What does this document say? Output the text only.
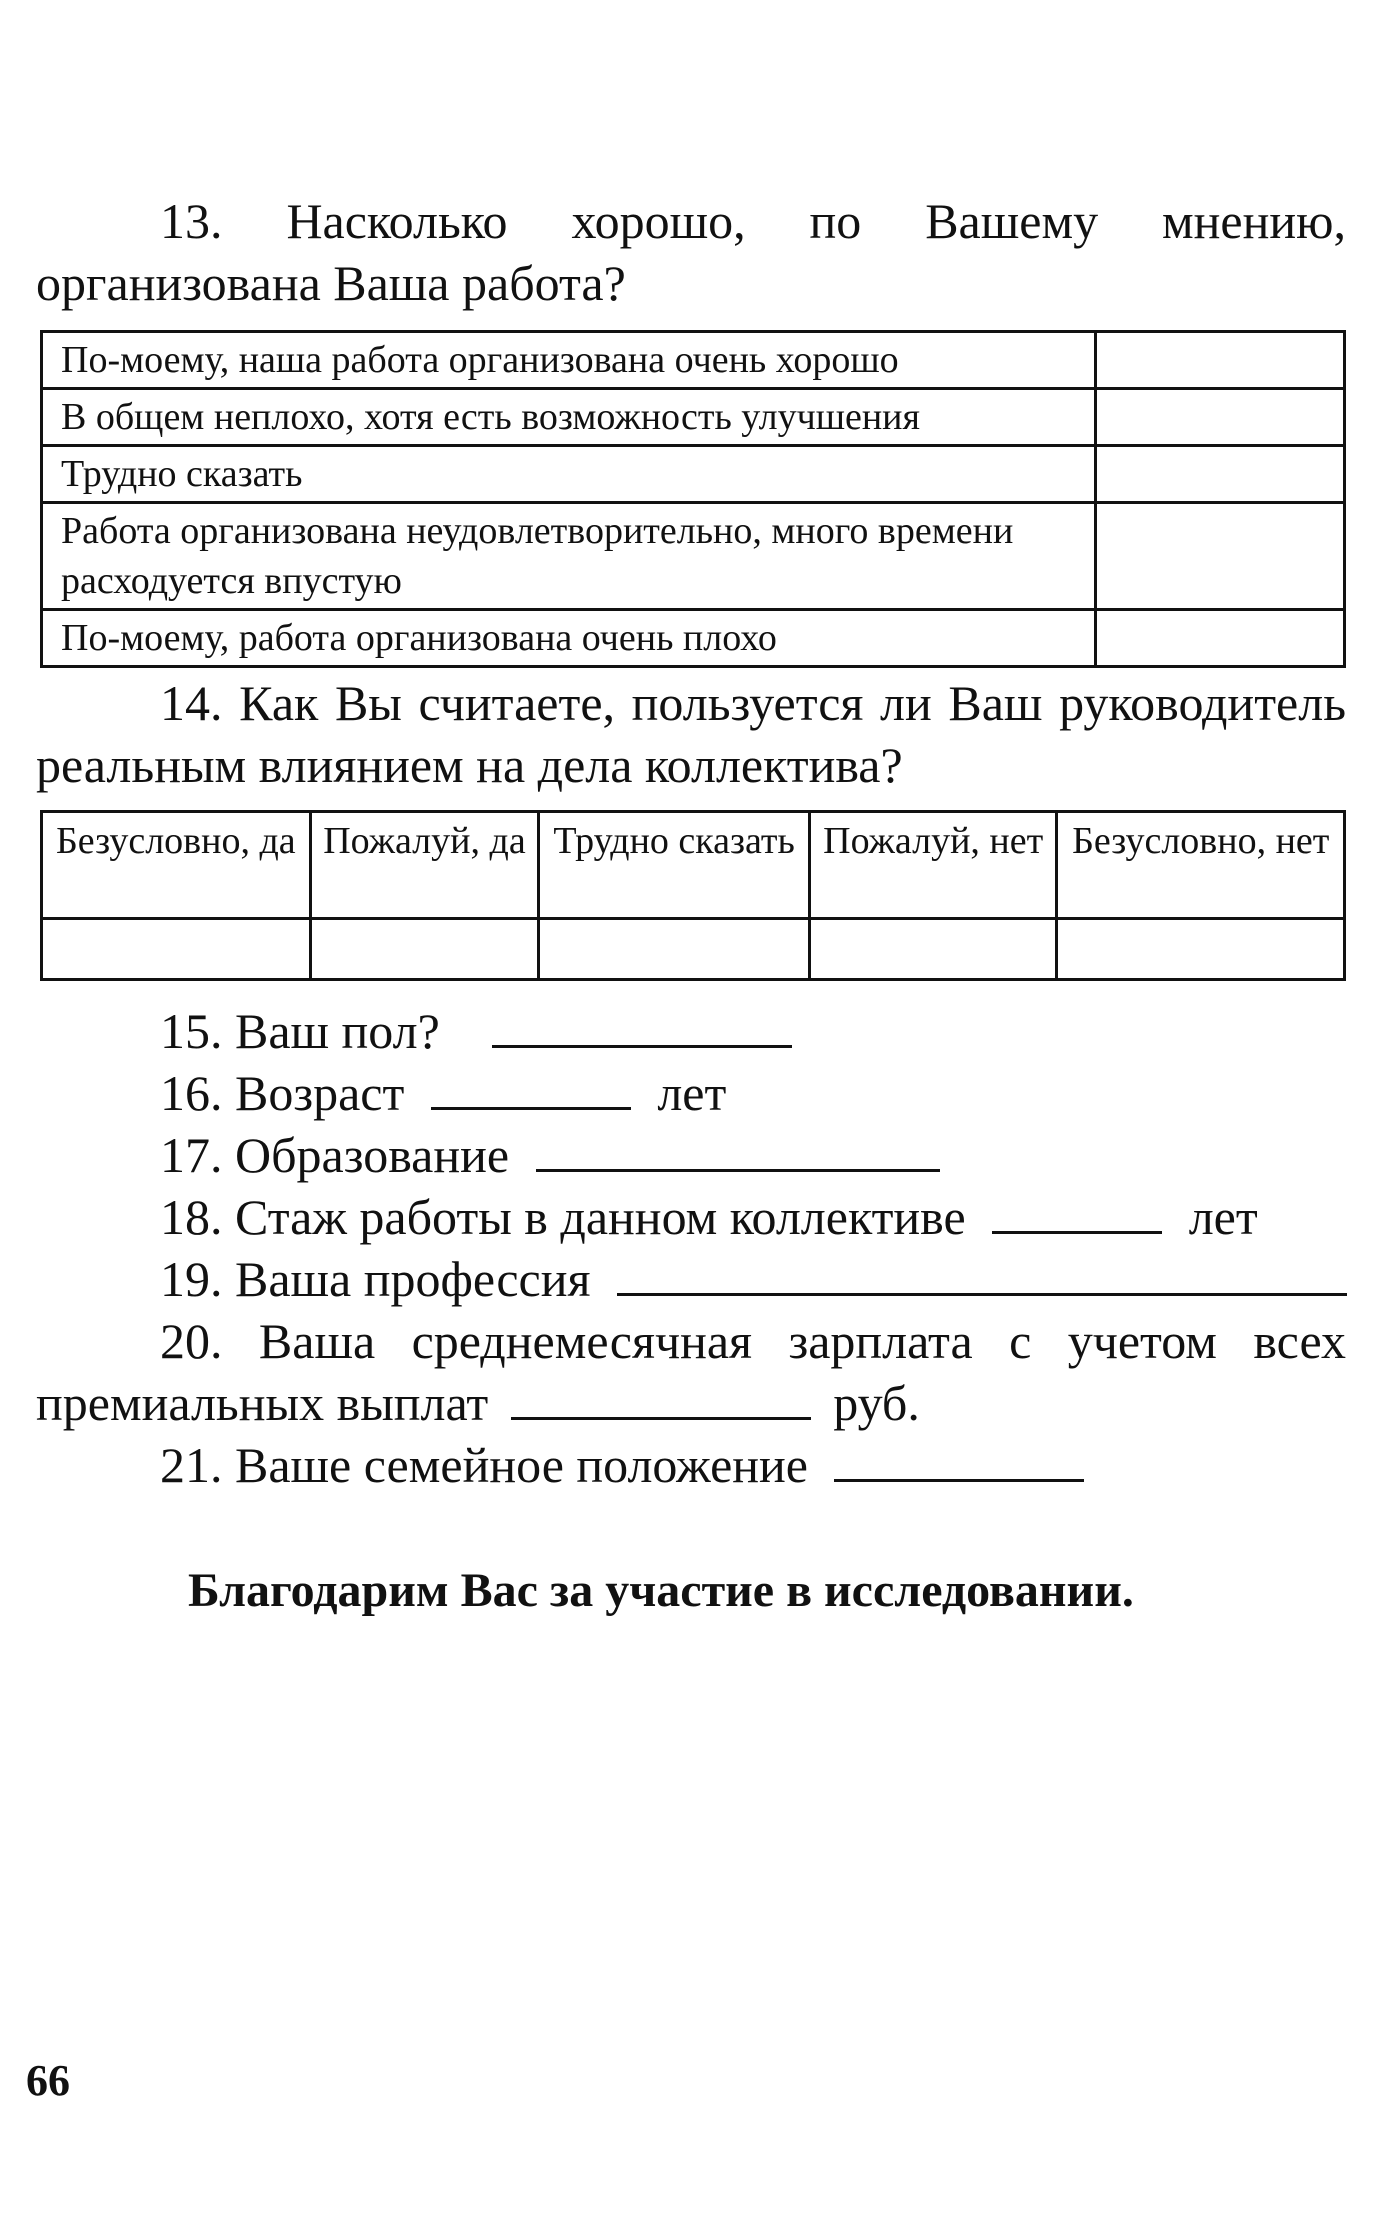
13. Насколько хорошо, по Вашему мнению, организована Ваша работа?
По-моему, наша работа организована очень хорошо	
В общем неплохо, хотя есть возможность улучшения	
Трудно сказать	
Работа организована неудовлетворительно, много времени расходуется впустую	
По-моему, работа организована очень плохо	
14. Как Вы считаете, пользуется ли Ваш руководитель реальным влиянием на дела коллектива?
Безусловно, да	Пожалуй, да	Трудно сказать	Пожалуй, нет	Безусловно, нет

15. Ваш пол?
16. Возраст	лет
17. Образование
18. Стаж работы в данном коллективе	лет
19. Ваша профессия
20. Ваша среднемесячная зарплата с учетом всех премиальных выплат	руб.
21. Ваше семейное положение
Благодарим Вас за участие в исследовании.
66
